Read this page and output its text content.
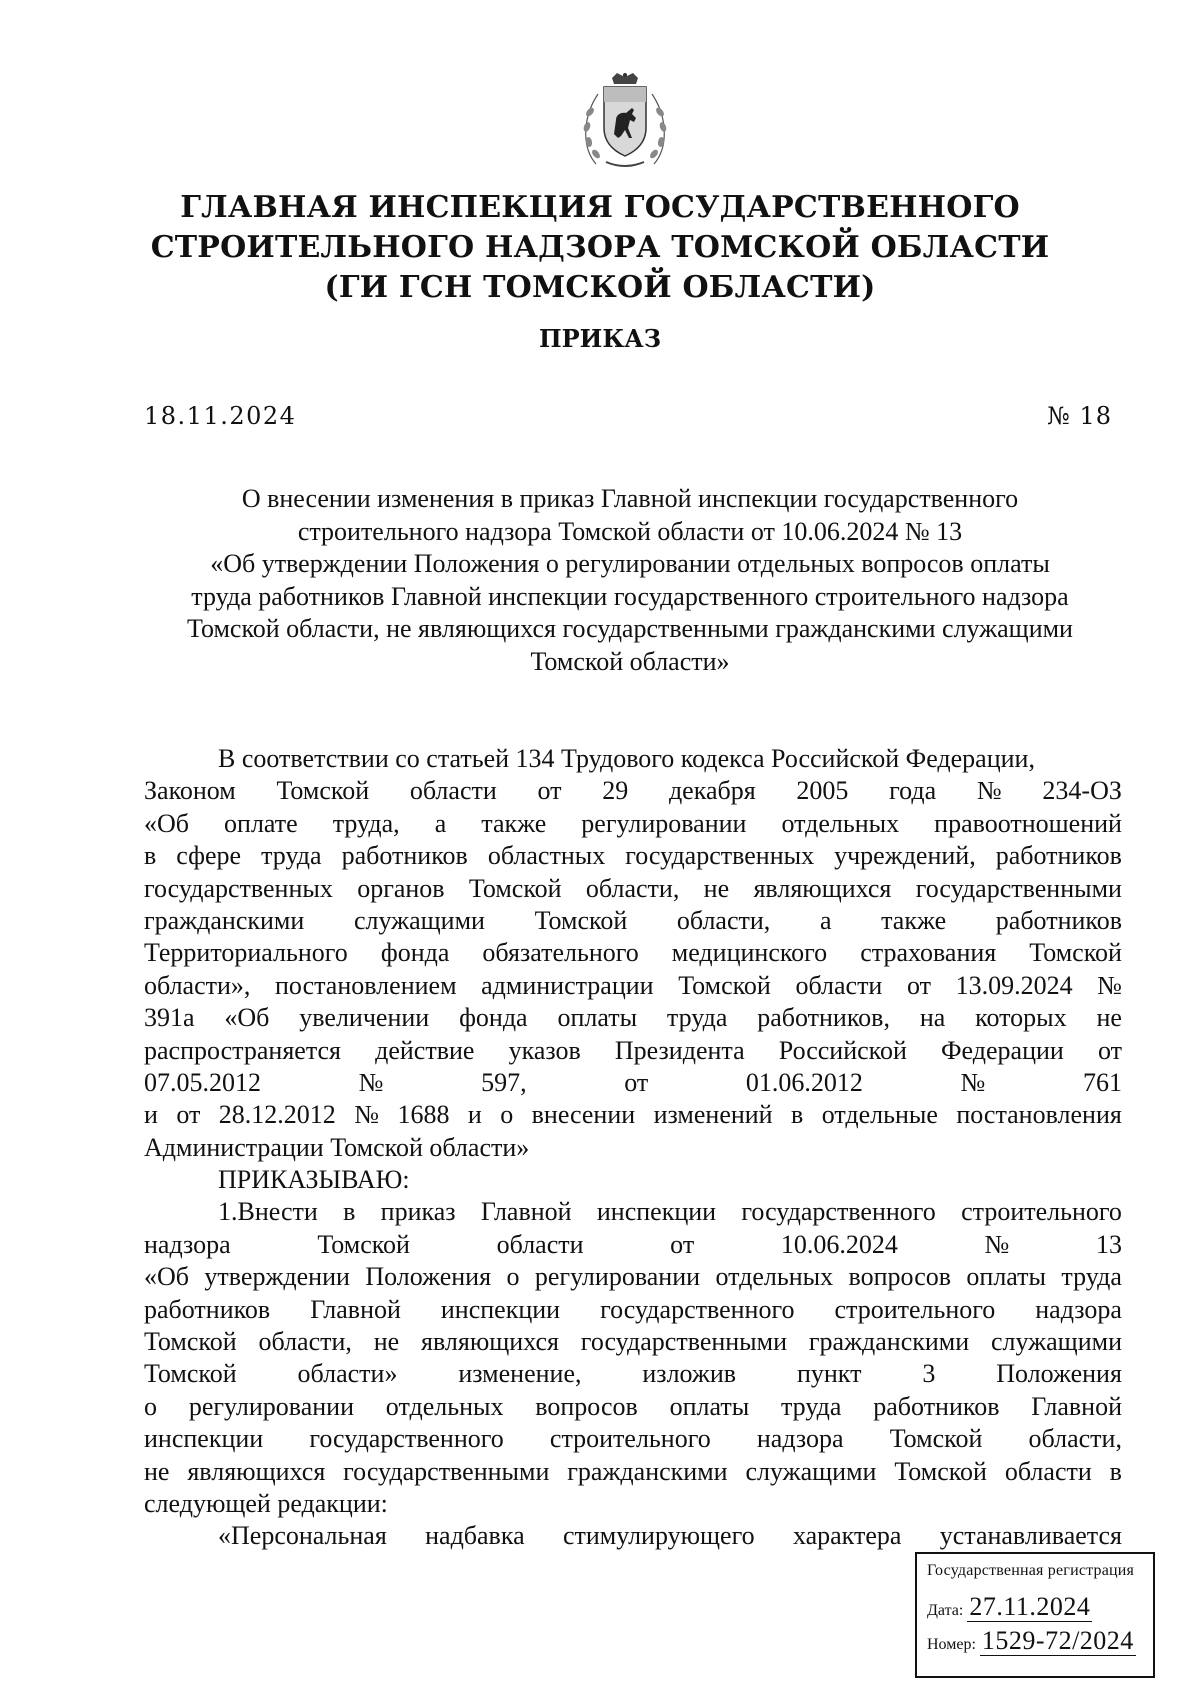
ГЛАВНАЯ ИНСПЕКЦИЯ ГОСУДАРСТВЕННОГО
СТРОИТЕЛЬНОГО НАДЗОРА ТОМСКОЙ ОБЛАСТИ
(ГИ ГСН ТОМСКОЙ ОБЛАСТИ)
ПРИКАЗ
18.11.2024	№ 18
О внесении изменения в приказ Главной инспекции государственного
строительного надзора Томской области от 10.06.2024 № 13
«Об утверждении Положения о регулировании отдельных вопросов оплаты
труда работников Главной инспекции государственного строительного надзора
Томской области, не являющихся государственными гражданскими служащими
Томской области»
В соответствии со статьей 134 Трудового кодекса Российской Федерации,
Законом Томской области от 29 декабря 2005 года № 234-ОЗ
«Об оплате труда, а также регулировании отдельных правоотношений
в сфере труда работников областных государственных учреждений, работников
государственных органов Томской области, не являющихся государственными
гражданскими служащими Томской области, а также работников
Территориального фонда обязательного медицинского страхования Томской
области», постановлением администрации Томской области от 13.09.2024 №
391а «Об увеличении фонда оплаты труда работников, на которых не
распространяется действие указов Президента Российской Федерации от
07.05.2012	№	597,	от	01.06.2012	№	761
и от 28.12.2012 № 1688 и о внесении изменений в отдельные постановления
Администрации Томской области»
ПРИКАЗЫВАЮ:
1.Внести в приказ Главной инспекции государственного строительного
надзора	Томской	области	от	10.06.2024	№	13
«Об утверждении Положения о регулировании отдельных вопросов оплаты труда
работников Главной инспекции государственного строительного надзора
Томской области, не являющихся государственными гражданскими служащими
Томской области» изменение, изложив пункт 3 Положения
о регулировании отдельных вопросов оплаты труда работников Главной
инспекции государственного строительного надзора Томской области,
не являющихся государственными гражданскими служащими Томской области в
следующей редакции:
«Персональная надбавка стимулирующего характера устанавливается
Государственная регистрация
Дата: 27.11.2024
Номер: 1529-72/2024
